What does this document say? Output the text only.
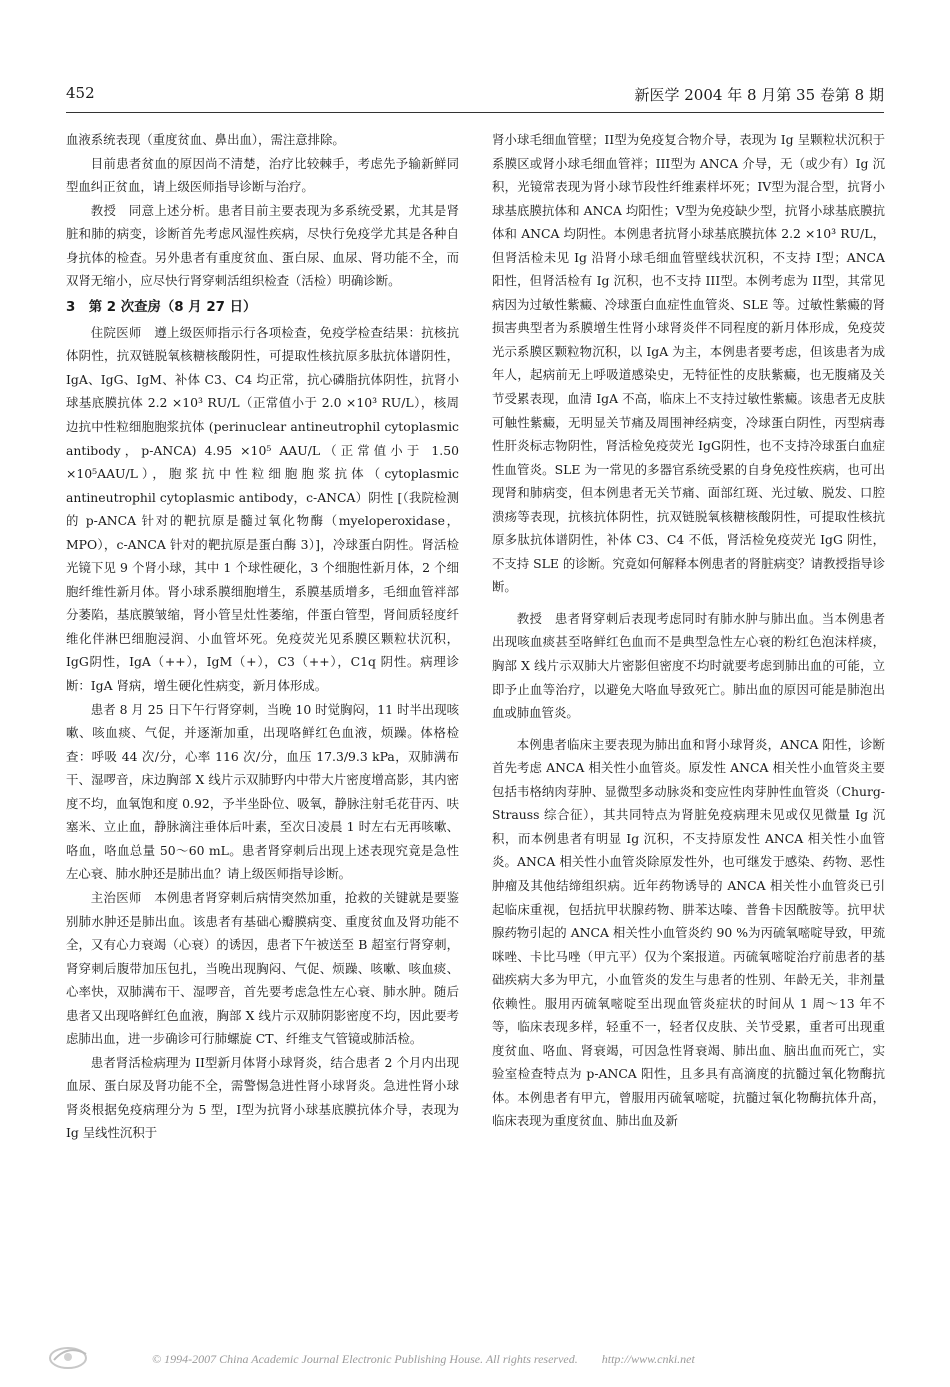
452	新医学 2004 年 8 月第 35 卷第 8 期

血液系统表现（重度贫血、鼻出血），需注意排除。

目前患者贫血的原因尚不清楚，治疗比较棘手，考虑先予输新鲜同型血纠正贫血，请上级医师指导诊断与治疗。

教授　同意上述分析。患者目前主要表现为多系统受累，尤其是肾脏和肺的病变，诊断首先考虑风湿性疾病，尽快行免疫学尤其是各种自身抗体的检查。另外患者有重度贫血、蛋白尿、血尿、肾功能不全，而双肾无缩小，应尽快行肾穿刺活组织检查（活检）明确诊断。

3　第 2 次查房（8 月 27 日）

住院医师　遵上级医师指示行各项检查，免疫学检查结果：抗核抗体阴性，抗双链脱氧核糖核酸阴性，可提取性核抗原多肽抗体谱阴性，IgA、IgG、IgM、补体 C3、C4 均正常，抗心磷脂抗体阴性，抗肾小球基底膜抗体 2.2 ×10³ RU/L（正常值小于 2.0 ×10³ RU/L），核周边抗中性粒细胞胞浆抗体 (perinuclear antineutrophil cytoplasmic antibody，p-ANCA) 4.95 ×10⁵ AAU/L（正常值小于 1.50 ×10⁵AAU/L），胞浆抗中性粒细胞胞浆抗体（cytoplasmic antineutrophil cytoplasmic antibody，c-ANCA）阴性 [（我院检测的 p-ANCA 针对的靶抗原是髓过氧化物酶（myeloperoxidase，MPO），c-ANCA 针对的靶抗原是蛋白酶 3）]，冷球蛋白阴性。肾活检光镜下见 9 个肾小球，其中 1 个球性硬化，3 个细胞性新月体，2 个细胞纤维性新月体。肾小球系膜细胞增生，系膜基质增多，毛细血管袢部分萎陷，基底膜皱缩，肾小管呈灶性萎缩，伴蛋白管型，肾间质轻度纤维化伴淋巴细胞浸润、小血管坏死。免疫荧光见系膜区颗粒状沉积，IgG阴性，IgA（++），IgM（+），C3（++），C1q 阴性。病理诊断：IgA 肾病，增生硬化性病变，新月体形成。

患者 8 月 25 日下午行肾穿刺，当晚 10 时觉胸闷，11 时半出现咳嗽、咳血痰、气促，并逐渐加重，出现咯鲜红色血液，烦躁。体格检查：呼吸 44 次/分，心率 116 次/分，血压 17.3/9.3 kPa，双肺满布干、湿啰音，床边胸部 X 线片示双肺野内中带大片密度增高影，其内密度不均，血氧饱和度 0.92，予半坐卧位、吸氧，静脉注射毛花苷丙、呋塞米、立止血，静脉滴注垂体后叶素，至次日凌晨 1 时左右无再咳嗽、咯血，咯血总量 50～60 mL。患者肾穿刺后出现上述表现究竟是急性左心衰、肺水肿还是肺出血？请上级医师指导诊断。

主治医师　本例患者肾穿刺后病情突然加重，抢救的关键就是要鉴别肺水肿还是肺出血。该患者有基础心瓣膜病变、重度贫血及肾功能不全，又有心力衰竭（心衰）的诱因，患者下午被送至 B 超室行肾穿刺，肾穿刺后腹带加压包扎，当晚出现胸闷、气促、烦躁、咳嗽、咳血痰、心率快，双肺满布干、湿啰音，首先要考虑急性左心衰、肺水肿。随后患者又出现咯鲜红色血液，胸部 X 线片示双肺阴影密度不均，因此要考虑肺出血，进一步确诊可行肺螺旋 CT、纤维支气管镜或肺活检。

患者肾活检病理为 II型新月体肾小球肾炎，结合患者 2 个月内出现血尿、蛋白尿及肾功能不全，需警惕急进性肾小球肾炎。急进性肾小球肾炎根据免疫病理分为 5 型，I型为抗肾小球基底膜抗体介导，表现为 Ig 呈线性沉积于

肾小球毛细血管壁；II型为免疫复合物介导，表现为 Ig 呈颗粒状沉积于系膜区或肾小球毛细血管袢；III型为 ANCA 介导，无（或少有）Ig 沉积，光镜常表现为肾小球节段性纤维素样坏死；IV型为混合型，抗肾小球基底膜抗体和 ANCA 均阳性；V型为免疫缺少型，抗肾小球基底膜抗体和 ANCA 均阴性。本例患者抗肾小球基底膜抗体 2.2 ×10³ RU/L，但肾活检未见 Ig 沿肾小球毛细血管壁线状沉积，不支持 I型；ANCA 阳性，但肾活检有 Ig 沉积，也不支持 III型。本例考虑为 II型，其常见病因为过敏性紫癜、冷球蛋白血症性血管炎、SLE 等。过敏性紫癜的肾损害典型者为系膜增生性肾小球肾炎伴不同程度的新月体形成，免疫荧光示系膜区颗粒物沉积，以 IgA 为主，本例患者要考虑，但该患者为成年人，起病前无上呼吸道感染史，无特征性的皮肤紫癜，也无腹痛及关节受累表现，血清 IgA 不高，临床上不支持过敏性紫癜。该患者无皮肤可触性紫癜，无明显关节痛及周围神经病变，冷球蛋白阴性，丙型病毒性肝炎标志物阴性，肾活检免疫荧光 IgG阴性，也不支持冷球蛋白血症性血管炎。SLE 为一常见的多器官系统受累的自身免疫性疾病，也可出现肾和肺病变，但本例患者无关节痛、面部红斑、光过敏、脱发、口腔溃疡等表现，抗核抗体阴性，抗双链脱氧核糖核酸阴性，可提取性核抗原多肽抗体谱阴性，补体 C3、C4 不低，肾活检免疫荧光 IgG 阴性，不支持 SLE 的诊断。究竟如何解释本例患者的肾脏病变？请教授指导诊断。

教授　患者肾穿刺后表现考虑同时有肺水肿与肺出血。当本例患者出现咳血痰甚至咯鲜红色血而不是典型急性左心衰的粉红色泡沫样痰，胸部 X 线片示双肺大片密影但密度不均时就要考虑到肺出血的可能，立即予止血等治疗，以避免大咯血导致死亡。肺出血的原因可能是肺泡出血或肺血管炎。

本例患者临床主要表现为肺出血和肾小球肾炎，ANCA 阳性，诊断首先考虑 ANCA 相关性小血管炎。原发性 ANCA 相关性小血管炎主要包括韦格纳肉芽肿、显微型多动脉炎和变应性肉芽肿性血管炎（Churg-Strauss 综合征），其共同特点为肾脏免疫病理未见或仅见微量 Ig 沉积，而本例患者有明显 Ig 沉积，不支持原发性 ANCA 相关性小血管炎。ANCA 相关性小血管炎除原发性外，也可继发于感染、药物、恶性肿瘤及其他结缔组织病。近年药物诱导的 ANCA 相关性小血管炎已引起临床重视，包括抗甲状腺药物、肼苯达嗪、普鲁卡因酰胺等。抗甲状腺药物引起的 ANCA 相关性小血管炎约 90 %为丙硫氧嘧啶导致，甲巯咪唑、卡比马唑（甲亢平）仅为个案报道。丙硫氧嘧啶治疗前患者的基础疾病大多为甲亢，小血管炎的发生与患者的性别、年龄无关，非剂量依赖性。服用丙硫氧嘧啶至出现血管炎症状的时间从 1 周～13 年不等，临床表现多样，轻重不一，轻者仅皮肤、关节受累，重者可出现重度贫血、咯血、肾衰竭，可因急性肾衰竭、肺出血、脑出血而死亡，实验室检查特点为 p-ANCA 阳性，且多具有高滴度的抗髓过氧化物酶抗体。本例患者有甲亢，曾服用丙硫氧嘧啶，抗髓过氧化物酶抗体升高，临床表现为重度贫血、肺出血及新

© 1994-2007 China Academic Journal Electronic Publishing House. All rights reserved.　　http://www.cnki.net
